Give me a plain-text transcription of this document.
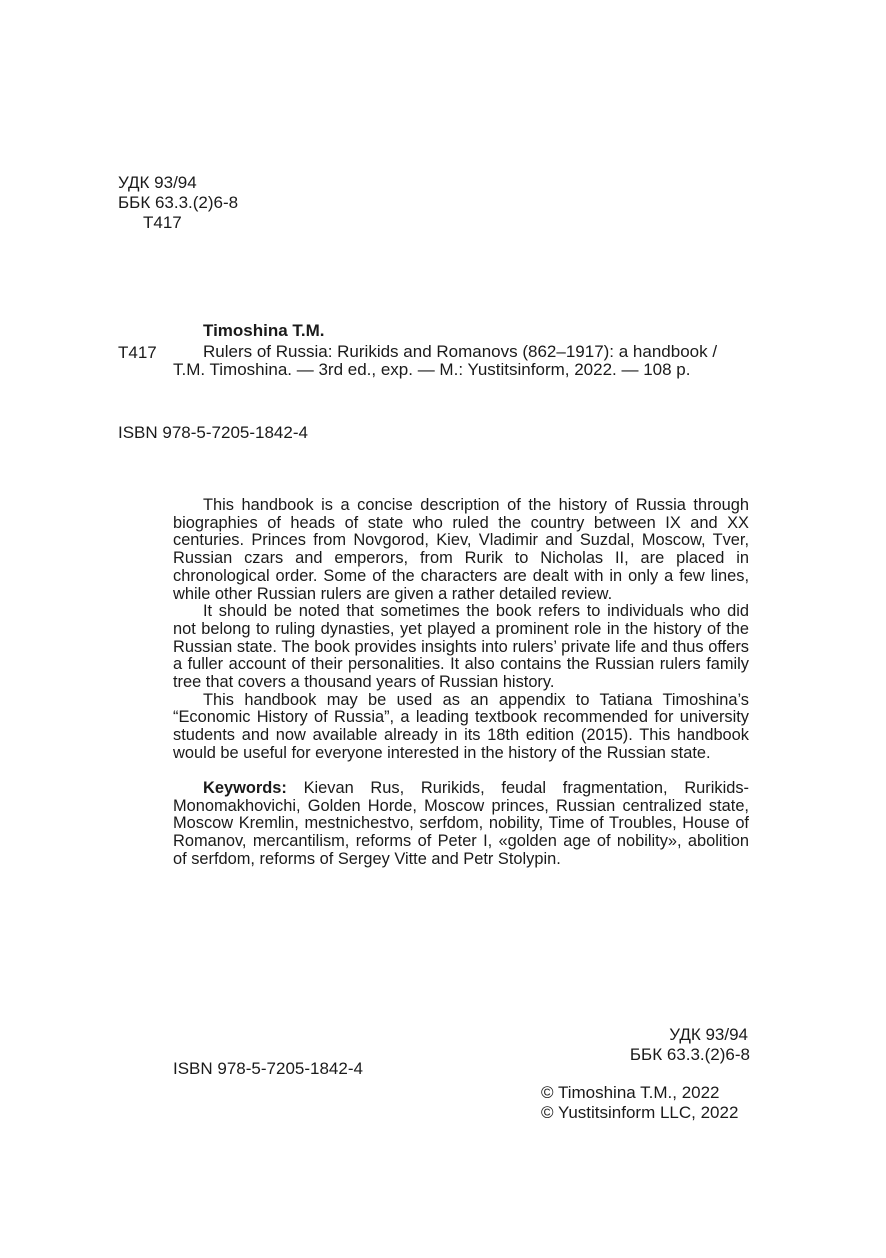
УДК 93/94
ББК 63.3.(2)6-8
T417
Timoshina T.M.
T417	Rulers of Russia: Rurikids and Romanovs (862–1917): a handbook /
T.M. Timoshina. — 3rd ed., exp. — M.: Yustitsinform, 2022. — 108 p.
ISBN 978-5-7205-1842-4

This handbook is a concise description of the history of Russia through biographies of heads of state who ruled the country between IX and XX centuries. Princes from Novgorod, Kiev, Vladimir and Suzdal, Moscow, Tver, Russian czars and emperors, from Rurik to Nicholas II, are placed in chronological order. Some of the characters are dealt with in only a few lines, while other Russian rulers are given a rather detailed review.

It should be noted that sometimes the book refers to individuals who did not belong to ruling dynasties, yet played a prominent role in the history of the Russian state. The book provides insights into rulers’ private life and thus offers a fuller account of their personalities. It also contains the Russian rulers family tree that covers a thousand years of Russian history.

This handbook may be used as an appendix to Tatiana Timoshina’s “Economic History of Russia”, a leading textbook recommended for university students and now available already in its 18th edition (2015). This handbook would be useful for everyone interested in the history of the Russian state.

Keywords: Kievan Rus, Rurikids, feudal fragmentation, Rurikids-Monomakhovichi, Golden Horde, Moscow princes, Russian centralized state, Moscow Kremlin, mestnichestvo, serfdom, nobility, Time of Troubles, House of Romanov, mercantilism, reforms of Peter I, «golden age of nobility», abolition of serfdom, reforms of Sergey Vitte and Petr Stolypin.

УДК 93/94
ББК 63.3.(2)6-8
ISBN 978-5-7205-1842-4
© Timoshina T.M., 2022
© Yustitsinform LLC, 2022
